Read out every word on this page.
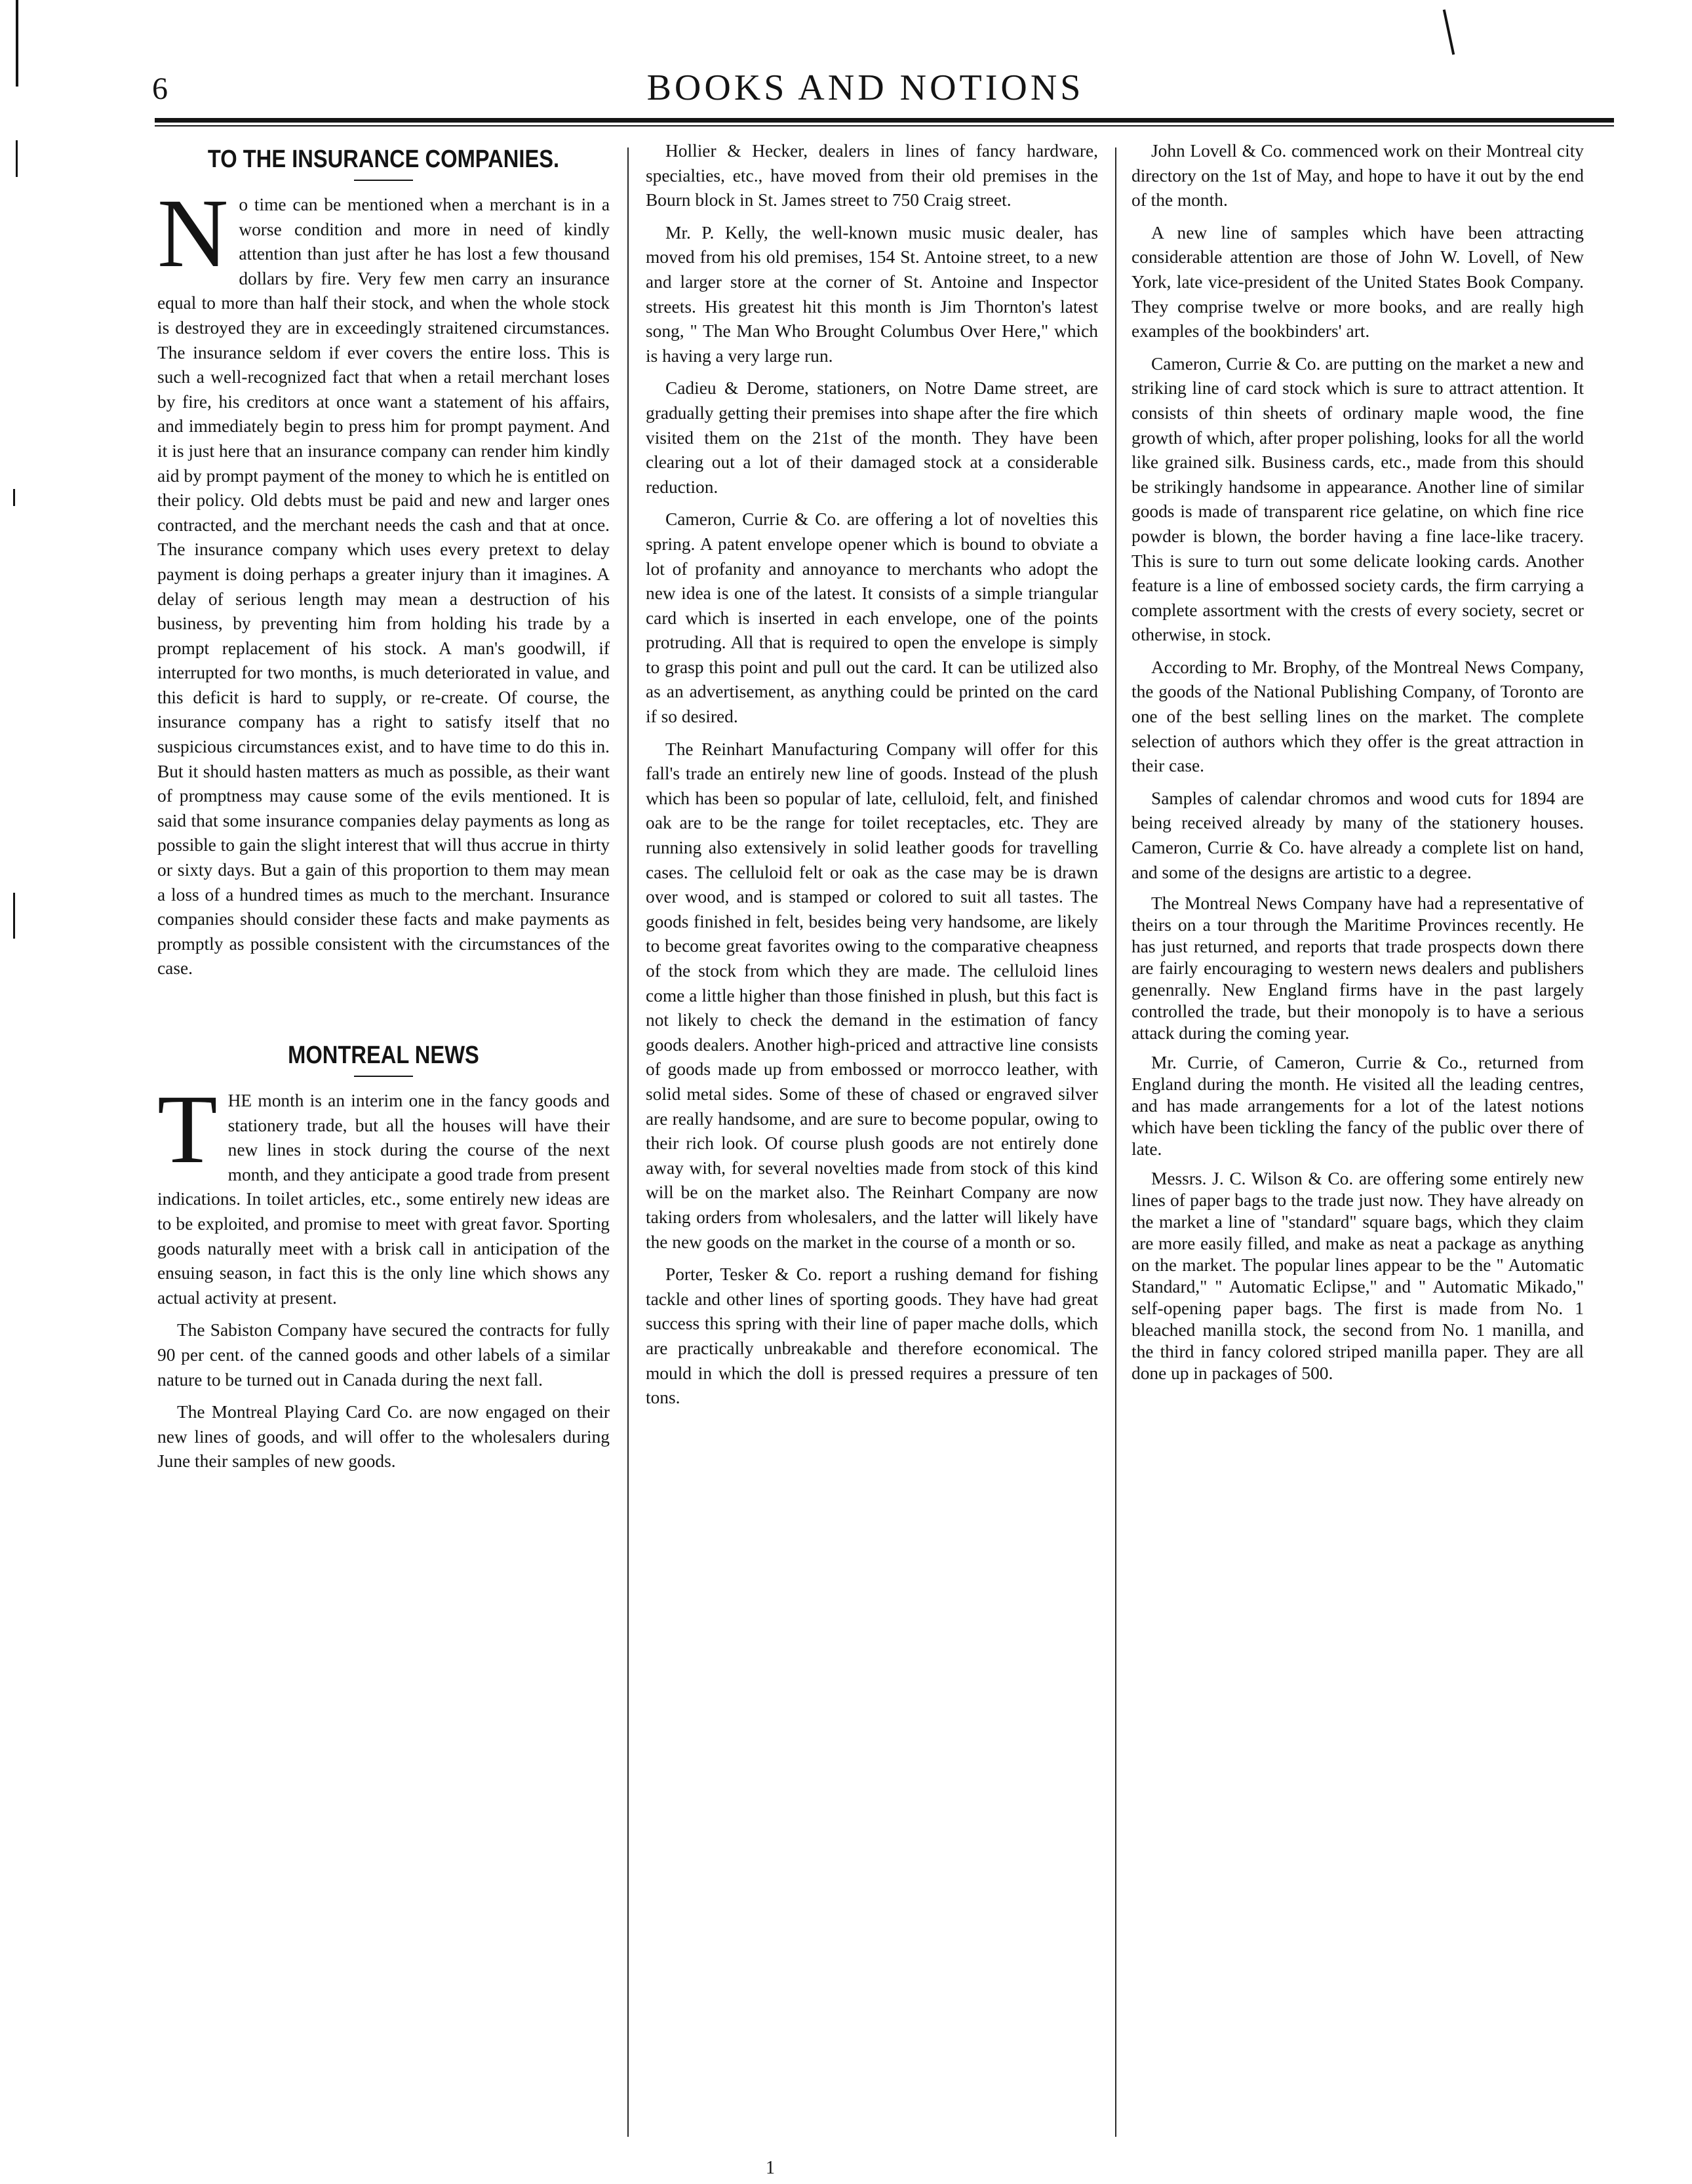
6	BOOKS AND NOTIONS
TO THE INSURANCE COMPANIES.

No time can be mentioned when a merchant is in a worse condition and more in need of kindly attention than just after he has lost a few thousand dollars by fire. Very few men carry an insurance equal to more than half their stock, and when the whole stock is destroyed they are in exceedingly straitened circumstances. The insurance seldom if ever covers the entire loss. This is such a well-recognized fact that when a retail merchant loses by fire, his creditors at once want a statement of his affairs, and immediately begin to press him for prompt payment. And it is just here that an insurance company can render him kindly aid by prompt payment of the money to which he is entitled on their policy. Old debts must be paid and new and larger ones contracted, and the merchant needs the cash and that at once. The insurance company which uses every pretext to delay payment is doing perhaps a greater injury than it imagines. A delay of serious length may mean a destruction of his business, by preventing him from holding his trade by a prompt replacement of his stock. A man's goodwill, if interrupted for two months, is much deteriorated in value, and this deficit is hard to supply, or re-create. Of course, the insurance company has a right to satisfy itself that no suspicious circumstances exist, and to have time to do this in. But it should hasten matters as much as possible, as their want of promptness may cause some of the evils mentioned. It is said that some insurance companies delay payments as long as possible to gain the slight interest that will thus accrue in thirty or sixty days. But a gain of this proportion to them may mean a loss of a hundred times as much to the merchant. Insurance companies should consider these facts and make payments as promptly as possible consistent with the circumstances of the case.

MONTREAL NEWS

THE month is an interim one in the fancy goods and stationery trade, but all the houses will have their new lines in stock during the course of the next month, and they anticipate a good trade from present indications. In toilet articles, etc., some entirely new ideas are to be exploited, and promise to meet with great favor. Sporting goods naturally meet with a brisk call in anticipation of the ensuing season, in fact this is the only line which shows any actual activity at present.

The Sabiston Company have secured the contracts for fully 90 per cent. of the canned goods and other labels of a similar nature to be turned out in Canada during the next fall.

The Montreal Playing Card Co. are now engaged on their new lines of goods, and will offer to the wholesalers during June their samples of new goods.

Hollier & Hecker, dealers in lines of fancy hardware, specialties, etc., have moved from their old premises in the Bourn block in St. James street to 750 Craig street.

Mr. P. Kelly, the well-known music music dealer, has moved from his old premises, 154 St. Antoine street, to a new and larger store at the corner of St. Antoine and Inspector streets. His greatest hit this month is Jim Thornton's latest song, " The Man Who Brought Columbus Over Here," which is having a very large run.

Cadieu & Derome, stationers, on Notre Dame street, are gradually getting their premises into shape after the fire which visited them on the 21st of the month. They have been clearing out a lot of their damaged stock at a considerable reduction.

Cameron, Currie & Co. are offering a lot of novelties this spring. A patent envelope opener which is bound to obviate a lot of profanity and annoyance to merchants who adopt the new idea is one of the latest. It consists of a simple triangular card which is inserted in each envelope, one of the points protruding. All that is required to open the envelope is simply to grasp this point and pull out the card. It can be utilized also as an advertisement, as anything could be printed on the card if so desired.

The Reinhart Manufacturing Company will offer for this fall's trade an entirely new line of goods. Instead of the plush which has been so popular of late, celluloid, felt, and finished oak are to be the range for toilet receptacles, etc. They are running also extensively in solid leather goods for travelling cases. The celluloid felt or oak as the case may be is drawn over wood, and is stamped or colored to suit all tastes. The goods finished in felt, besides being very handsome, are likely to become great favorites owing to the comparative cheapness of the stock from which they are made. The celluloid lines come a little higher than those finished in plush, but this fact is not likely to check the demand in the estimation of fancy goods dealers. Another high-priced and attractive line consists of goods made up from embossed or morrocco leather, with solid metal sides. Some of these of chased or engraved silver are really handsome, and are sure to become popular, owing to their rich look. Of course plush goods are not entirely done away with, for several novelties made from stock of this kind will be on the market also. The Reinhart Company are now taking orders from wholesalers, and the latter will likely have the new goods on the market in the course of a month or so.

Porter, Tesker & Co. report a rushing demand for fishing tackle and other lines of sporting goods. They have had great success this spring with their line of paper mache dolls, which are practically unbreakable and therefore economical. The mould in which the doll is pressed requires a pressure of ten tons.

John Lovell & Co. commenced work on their Montreal city directory on the 1st of May, and hope to have it out by the end of the month.

A new line of samples which have been attracting considerable attention are those of John W. Lovell, of New York, late vice-president of the United States Book Company. They comprise twelve or more books, and are really high examples of the bookbinders' art.

Cameron, Currie & Co. are putting on the market a new and striking line of card stock which is sure to attract attention. It consists of thin sheets of ordinary maple wood, the fine growth of which, after proper polishing, looks for all the world like grained silk. Business cards, etc., made from this should be strikingly handsome in appearance. Another line of similar goods is made of transparent rice gelatine, on which fine rice powder is blown, the border having a fine lace-like tracery. This is sure to turn out some delicate looking cards. Another feature is a line of embossed society cards, the firm carrying a complete assortment with the crests of every society, secret or otherwise, in stock.

According to Mr. Brophy, of the Montreal News Company, the goods of the National Publishing Company, of Toronto are one of the best selling lines on the market. The complete selection of authors which they offer is the great attraction in their case.

Samples of calendar chromos and wood cuts for 1894 are being received already by many of the stationery houses. Cameron, Currie & Co. have already a complete list on hand, and some of the designs are artistic to a degree.

The Montreal News Company have had a representative of theirs on a tour through the Maritime Provinces recently. He has just returned, and reports that trade prospects down there are fairly encouraging to western news dealers and publishers genenrally. New England firms have in the past largely controlled the trade, but their monopoly is to have a serious attack during the coming year.

Mr. Currie, of Cameron, Currie & Co., returned from England during the month. He visited all the leading centres, and has made arrangements for a lot of the latest notions which have been tickling the fancy of the public over there of late.

Messrs. J. C. Wilson & Co. are offering some entirely new lines of paper bags to the trade just now. They have already on the market a line of "standard" square bags, which they claim are more easily filled, and make as neat a package as anything on the market. The popular lines appear to be the " Automatic Standard," " Automatic Eclipse," and " Automatic Mikado," self-opening paper bags. The first is made from No. 1 bleached manilla stock, the second from No. 1 manilla, and the third in fancy colored striped manilla paper. They are all done up in packages of 500.

1
